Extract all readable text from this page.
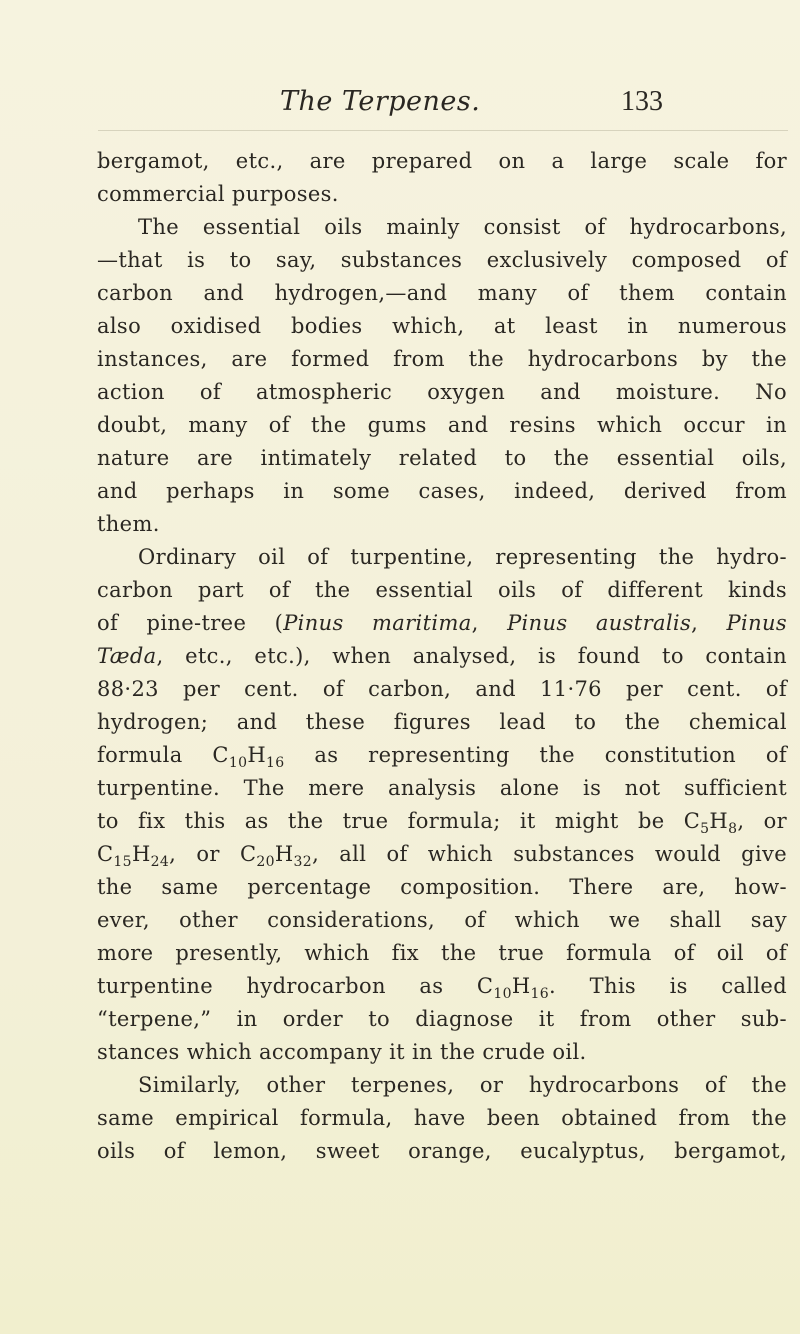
The Terpenes.	133
bergamot, etc., are prepared on a large scale for
commercial purposes.
The essential oils mainly consist of hydrocarbons,
—that is to say, substances exclusively composed of
carbon and hydrogen,—and many of them contain
also oxidised bodies which, at least in numerous
instances, are formed from the hydrocarbons by the
action of atmospheric oxygen and moisture. No
doubt, many of the gums and resins which occur in
nature are intimately related to the essential oils,
and perhaps in some cases, indeed, derived from
them.
Ordinary oil of turpentine, representing the hydro-
carbon part of the essential oils of different kinds
of pine-tree (Pinus maritima, Pinus australis, Pinus
Tæda, etc., etc.), when analysed, is found to contain
88·23 per cent. of carbon, and 11·76 per cent. of
hydrogen; and these figures lead to the chemical
formula $C_{10}H_{16}$ as representing the constitution of
turpentine. The mere analysis alone is not sufficient
to fix this as the true formula; it might be $C_5H_8$, or
$C_{15}H_{24}$, or $C_{20}H_{32}$, all of which substances would give
the same percentage composition. There are, how-
ever, other considerations, of which we shall say
more presently, which fix the true formula of oil of
turpentine hydrocarbon as $C_{10}H_{16}$. This is called
“terpene,” in order to diagnose it from other sub-
stances which accompany it in the crude oil.
Similarly, other terpenes, or hydrocarbons of the
same empirical formula, have been obtained from the
oils of lemon, sweet orange, eucalyptus, bergamot,
